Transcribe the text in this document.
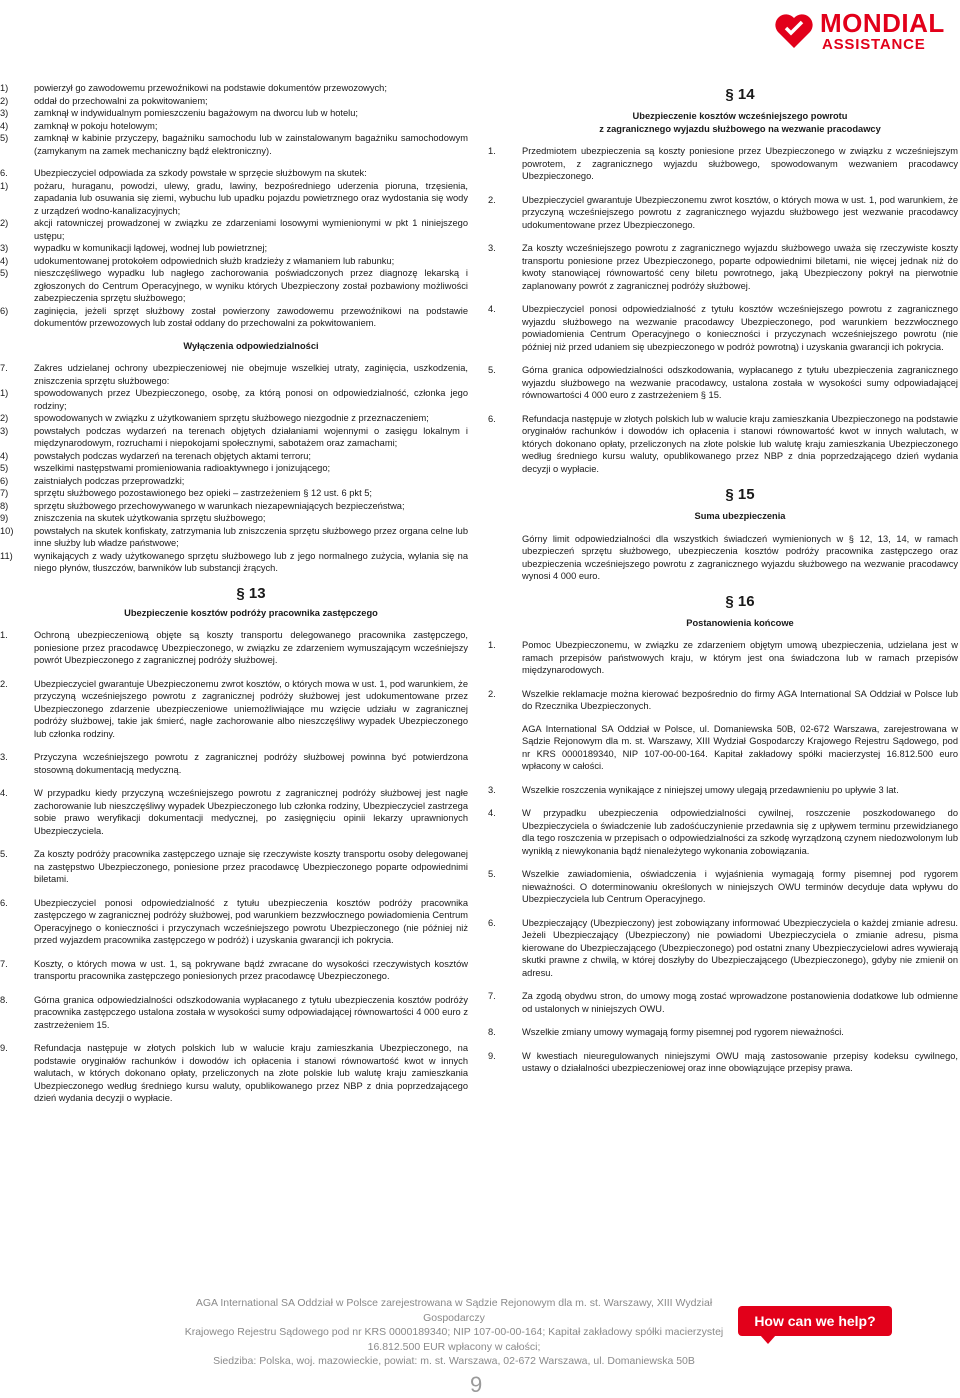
MONDIAL
ASSISTANCE
1)	powierzył go zawodowemu przewoźnikowi na podstawie dokumentów przewozowych;
2)	oddał do przechowalni za pokwitowaniem;
3)	zamknął w indywidualnym pomieszczeniu bagażowym na dworcu lub w hotelu;
4)	zamknął w pokoju hotelowym;
5)	zamknął w kabinie przyczepy, bagażniku samochodu lub w zainstalowanym bagażniku samochodowym (zamykanym na zamek mechaniczny bądź elektroniczny).
6.	Ubezpieczyciel odpowiada za szkody powstałe w sprzęcie służbowym na skutek:
1)	pożaru, huraganu, powodzi, ulewy, gradu, lawiny, bezpośredniego uderzenia pioruna, trzęsienia, zapadania lub osuwania się ziemi, wybuchu lub upadku pojazdu powietrznego oraz wydostania się wody z urządzeń wodno-kanalizacyjnych;
2)	akcji ratowniczej prowadzonej w związku ze zdarzeniami losowymi wymienionymi w pkt 1 niniejszego ustępu;
3)	wypadku w komunikacji lądowej, wodnej lub powietrznej;
4)	udokumentowanej protokołem odpowiednich służb kradzieży z włamaniem lub rabunku;
5)	nieszczęśliwego wypadku lub nagłego zachorowania poświadczonych przez diagnozę lekarską i zgłoszonych do Centrum Operacyjnego, w wyniku których Ubezpieczony został pozbawiony możliwości zabezpieczenia sprzętu służbowego;
6)	zaginięcia, jeżeli sprzęt służbowy został powierzony zawodowemu przewoźnikowi na podstawie dokumentów przewozowych lub został oddany do przechowalni za pokwitowaniem.
Wyłączenia odpowiedzialności
7.	Zakres udzielanej ochrony ubezpieczeniowej nie obejmuje wszelkiej utraty, zaginięcia, uszkodzenia, zniszczenia sprzętu służbowego:
1)	spowodowanych przez Ubezpieczonego, osobę, za którą ponosi on odpowiedzialność, członka jego rodziny;
2)	spowodowanych w związku z użytkowaniem sprzętu służbowego niezgodnie z przeznaczeniem;
3)	powstałych podczas wydarzeń na terenach objętych działaniami wojennymi o zasięgu lokalnym i międzynarodowym, rozruchami i niepokojami społecznymi, sabotażem oraz zamachami;
4)	powstałych podczas wydarzeń na terenach objętych aktami terroru;
5)	wszelkimi następstwami promieniowania radioaktywnego i jonizującego;
6)	zaistniałych podczas przeprowadzki;
7)	sprzętu służbowego pozostawionego bez opieki – zastrzeżeniem § 12 ust. 6 pkt 5;
8)	sprzętu służbowego przechowywanego w warunkach niezapewniających bezpieczeństwa;
9)	zniszczenia na skutek użytkowania sprzętu służbowego;
10) powstałych na skutek konfiskaty, zatrzymania lub zniszczenia sprzętu służbowego przez organa celne lub inne służby lub władze państwowe;
11) wynikających z wady użytkowanego sprzętu służbowego lub z jego normalnego zużycia, wylania się na niego płynów, tłuszczów, barwników lub substancji żrących.
§ 13
Ubezpieczenie kosztów podróży pracownika zastępczego
1.	Ochroną ubezpieczeniową objęte są koszty transportu delegowanego pracownika zastępczego, poniesione przez pracodawcę Ubezpieczonego, w związku ze zdarzeniem wymuszającym wcześniejszy powrót Ubezpieczonego z zagranicznej podróży służbowej.
2.	Ubezpieczyciel gwarantuje Ubezpieczonemu zwrot kosztów, o których mowa w ust. 1, pod warunkiem, że przyczyną wcześniejszego powrotu z zagranicznej podróży służbowej jest udokumentowane przez Ubezpieczonego zdarzenie ubezpieczeniowe uniemożliwiające mu wzięcie udziału w zagranicznej podróży służbowej, takie jak śmierć, nagłe zachorowanie albo nieszczęśliwy wypadek Ubezpieczonego lub członka rodziny.
3.	Przyczyna wcześniejszego powrotu z zagranicznej podróży służbowej powinna być potwierdzona stosowną dokumentacją medyczną.
4.	W przypadku kiedy przyczyną wcześniejszego powrotu z zagranicznej podróży służbowej jest nagłe zachorowanie lub nieszczęśliwy wypadek Ubezpieczonego lub członka rodziny, Ubezpieczyciel zastrzega sobie prawo weryfikacji dokumentacji medycznej, po zasięgnięciu opinii lekarzy uprawnionych Ubezpieczyciela.
5.	Za koszty podróży pracownika zastępczego uznaje się rzeczywiste koszty transportu osoby delegowanej na zastępstwo Ubezpieczonego, poniesione przez pracodawcę Ubezpieczonego poparte odpowiednimi biletami.
6.	Ubezpieczyciel ponosi odpowiedzialność z tytułu ubezpieczenia kosztów podróży pracownika zastępczego w zagranicznej podróży służbowej, pod warunkiem bezzwłocznego powiadomienia Centrum Operacyjnego o konieczności i przyczynach wcześniejszego powrotu Ubezpieczonego (nie później niż przed wyjazdem pracownika zastępczego w podróż) i uzyskania gwarancji ich pokrycia.
7.	Koszty, o których mowa w ust. 1, są pokrywane bądź zwracane do wysokości rzeczywistych kosztów transportu pracownika zastępczego poniesionych przez pracodawcę Ubezpieczonego.
8.	Górna granica odpowiedzialności odszkodowania wypłacanego z tytułu ubezpieczenia kosztów podróży pracownika zastępczego ustalona została w wysokości sumy odpowiadającej równowartości 4 000 euro z zastrzeżeniem 15.
9.	Refundacja następuje w złotych polskich lub w walucie kraju zamieszkania Ubezpieczonego, na podstawie oryginałów rachunków i dowodów ich opłacenia i stanowi równowartość kwot w innych walutach, w których dokonano opłaty, przeliczonych na złote polskie lub walutę kraju zamieszkania Ubezpieczonego według średniego kursu waluty, opublikowanego przez NBP z dnia poprzedzającego dzień wydania decyzji o wypłacie.
§ 14
Ubezpieczenie kosztów wcześniejszego powrotu
z zagranicznego wyjazdu służbowego na wezwanie pracodawcy
1.	Przedmiotem ubezpieczenia są koszty poniesione przez Ubezpieczonego w związku z wcześniejszym powrotem, z zagranicznego wyjazdu służbowego, spowodowanym wezwaniem pracodawcy Ubezpieczonego.
2.	Ubezpieczyciel gwarantuje Ubezpieczonemu zwrot kosztów, o których mowa w ust. 1, pod warunkiem, że przyczyną wcześniejszego powrotu z zagranicznego wyjazdu służbowego jest wezwanie pracodawcy udokumentowane przez Ubezpieczonego.
3.	Za koszty wcześniejszego powrotu z zagranicznego wyjazdu służbowego uważa się rzeczywiste koszty transportu poniesione przez Ubezpieczonego, poparte odpowiednimi biletami, nie więcej jednak niż do kwoty stanowiącej równowartość ceny biletu powrotnego, jaką Ubezpieczony pokrył na pierwotnie zaplanowany powrót z zagranicznej podróży służbowej.
4.	Ubezpieczyciel ponosi odpowiedzialność z tytułu kosztów wcześniejszego powrotu z zagranicznego wyjazdu służbowego na wezwanie pracodawcy Ubezpieczonego, pod warunkiem bezzwłocznego powiadomienia Centrum Operacyjnego o konieczności i przyczynach wcześniejszego powrotu (nie później niż przed udaniem się ubezpieczonego w podróż powrotną) i uzyskania gwarancji ich pokrycia.
5.	Górna granica odpowiedzialności odszkodowania, wypłacanego z tytułu ubezpieczenia zagranicznego wyjazdu służbowego na wezwanie pracodawcy, ustalona została w wysokości sumy odpowiadającej równowartości 4 000 euro z zastrzeżeniem § 15.
6.	Refundacja następuje w złotych polskich lub w walucie kraju zamieszkania Ubezpieczonego na podstawie oryginałów rachunków i dowodów ich opłacenia i stanowi równowartość kwot w innych walutach, w których dokonano opłaty, przeliczonych na złote polskie lub walutę kraju zamieszkania Ubezpieczonego według średniego kursu waluty, opublikowanego przez NBP z dnia poprzedzającego dzień wydania decyzji o wypłacie.
§ 15
Suma ubezpieczenia
Górny limit odpowiedzialności dla wszystkich świadczeń wymienionych w § 12, 13, 14, w ramach ubezpieczeń sprzętu służbowego, ubezpieczenia kosztów podróży pracownika zastępczego oraz ubezpieczenia wcześniejszego powrotu z zagranicznego wyjazdu służbowego na wezwanie pracodawcy wynosi 4 000 euro.
§ 16
Postanowienia końcowe
1.	Pomoc Ubezpieczonemu, w związku ze zdarzeniem objętym umową ubezpieczenia, udzielana jest w ramach przepisów państwowych kraju, w którym jest ona świadczona lub w ramach przepisów międzynarodowych.
2.	Wszelkie reklamacje można kierować bezpośrednio do firmy AGA International SA Oddział w Polsce lub do Rzecznika Ubezpieczonych.
AGA International SA Oddział w Polsce, ul. Domaniewska 50B, 02-672 Warszawa, zarejestrowana w Sądzie Rejonowym dla m. st. Warszawy, XIII Wydział Gospodarczy Krajowego Rejestru Sądowego, pod nr KRS 0000189340, NIP 107-00-00-164. Kapitał zakładowy spółki macierzystej 16.812.500 euro wpłacony w całości.
3.	Wszelkie roszczenia wynikające z niniejszej umowy ulegają przedawnieniu po upływie 3 lat.
4.	W przypadku ubezpieczenia odpowiedzialności cywilnej, roszczenie poszkodowanego do Ubezpieczyciela o świadczenie lub zadośćuczynienie przedawnia się z upływem terminu przewidzianego dla tego roszczenia w przepisach o odpowiedzialności za szkodę wyrządzoną czynem niedozwolonym lub wynikłą z niewykonania bądź nienależytego wykonania zobowiązania.
5.	Wszelkie zawiadomienia, oświadczenia i wyjaśnienia wymagają formy pisemnej pod rygorem nieważności. O doterminowaniu określonych w niniejszych OWU terminów decyduje data wpływu do Ubezpieczyciela lub Centrum Operacyjnego.
6.	Ubezpieczający (Ubezpieczony) jest zobowiązany informować Ubezpieczyciela o każdej zmianie adresu. Jeżeli Ubezpieczający (Ubezpieczony) nie powiadomi Ubezpieczyciela o zmianie adresu, pisma kierowane do Ubezpieczającego (Ubezpieczonego) pod ostatni znany Ubezpieczycielowi adres wywierają skutki prawne z chwilą, w której doszłyby do Ubezpieczającego (Ubezpieczonego), gdyby nie zmienił on adresu.
7.	Za zgodą obydwu stron, do umowy mogą zostać wprowadzone postanowienia dodatkowe lub odmienne od ustalonych w niniejszych OWU.
8.	Wszelkie zmiany umowy wymagają formy pisemnej pod rygorem nieważności.
9.	W kwestiach nieuregulowanych niniejszymi OWU mają zastosowanie przepisy kodeksu cywilnego, ustawy o działalności ubezpieczeniowej oraz inne obowiązujące przepisy prawa.
AGA International SA Oddział w Polsce zarejestrowana w Sądzie Rejonowym dla m. st. Warszawy, XIII Wydział Gospodarczy
Krajowego Rejestru Sądowego pod nr KRS 0000189340; NIP 107-00-00-164; Kapitał zakładowy spółki macierzystej 16.812.500 EUR wpłacony w całości;
Siedziba: Polska, woj. mazowieckie, powiat: m. st. Warszawa, 02-672 Warszawa, ul. Domaniewska 50B
How can we help?
9
